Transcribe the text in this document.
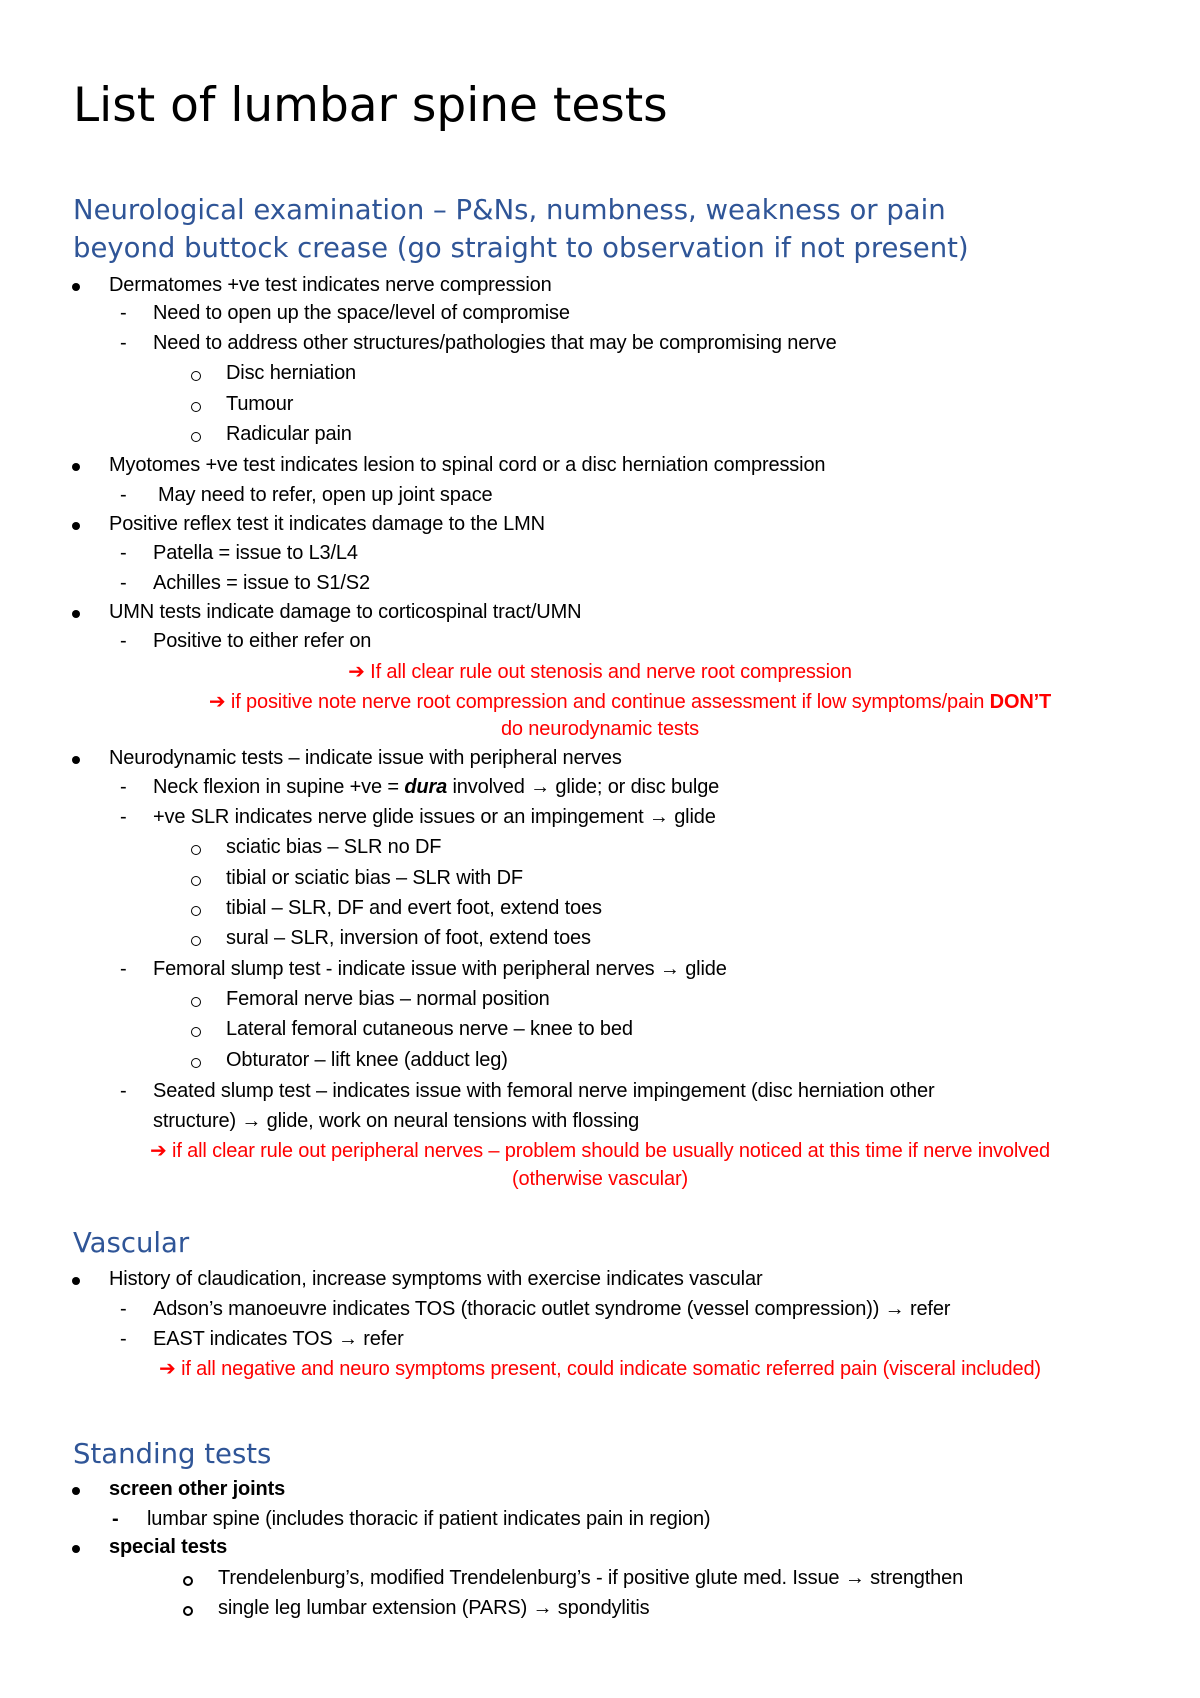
List of lumbar spine tests
Neurological examination – P&Ns, numbness, weakness or pain
beyond buttock crease (go straight to observation if not present)
Dermatomes +ve test indicates nerve compression
- Need to open up the space/level of compromise
- Need to address other structures/pathologies that may be compromising nerve
Disc herniation
Tumour
Radicular pain
Myotomes +ve test indicates lesion to spinal cord or a disc herniation compression
- May need to refer, open up joint space
Positive reflex test it indicates damage to the LMN
- Patella = issue to L3/L4
- Achilles = issue to S1/S2
UMN tests indicate damage to corticospinal tract/UMN
- Positive to either refer on
➔ If all clear rule out stenosis and nerve root compression
➔ if positive note nerve root compression and continue assessment if low symptoms/pain DON’T
do neurodynamic tests
Neurodynamic tests – indicate issue with peripheral nerves
- Neck flexion in supine +ve = dura involved → glide; or disc bulge
- +ve SLR indicates nerve glide issues or an impingement → glide
sciatic bias – SLR no DF
tibial or sciatic bias – SLR with DF
tibial – SLR, DF and evert foot, extend toes
sural – SLR, inversion of foot, extend toes
- Femoral slump test - indicate issue with peripheral nerves → glide
Femoral nerve bias – normal position
Lateral femoral cutaneous nerve – knee to bed
Obturator – lift knee (adduct leg)
- Seated slump test – indicates issue with femoral nerve impingement (disc herniation other
structure) → glide, work on neural tensions with flossing
➔ if all clear rule out peripheral nerves – problem should be usually noticed at this time if nerve involved
(otherwise vascular)
Vascular
History of claudication, increase symptoms with exercise indicates vascular
- Adson’s manoeuvre indicates TOS (thoracic outlet syndrome (vessel compression)) → refer
- EAST indicates TOS → refer
➔ if all negative and neuro symptoms present, could indicate somatic referred pain (visceral included)
Standing tests
screen other joints
- lumbar spine (includes thoracic if patient indicates pain in region)
special tests
Trendelenburg’s, modified Trendelenburg’s - if positive glute med. Issue → strengthen
single leg lumbar extension (PARS) → spondylitis
